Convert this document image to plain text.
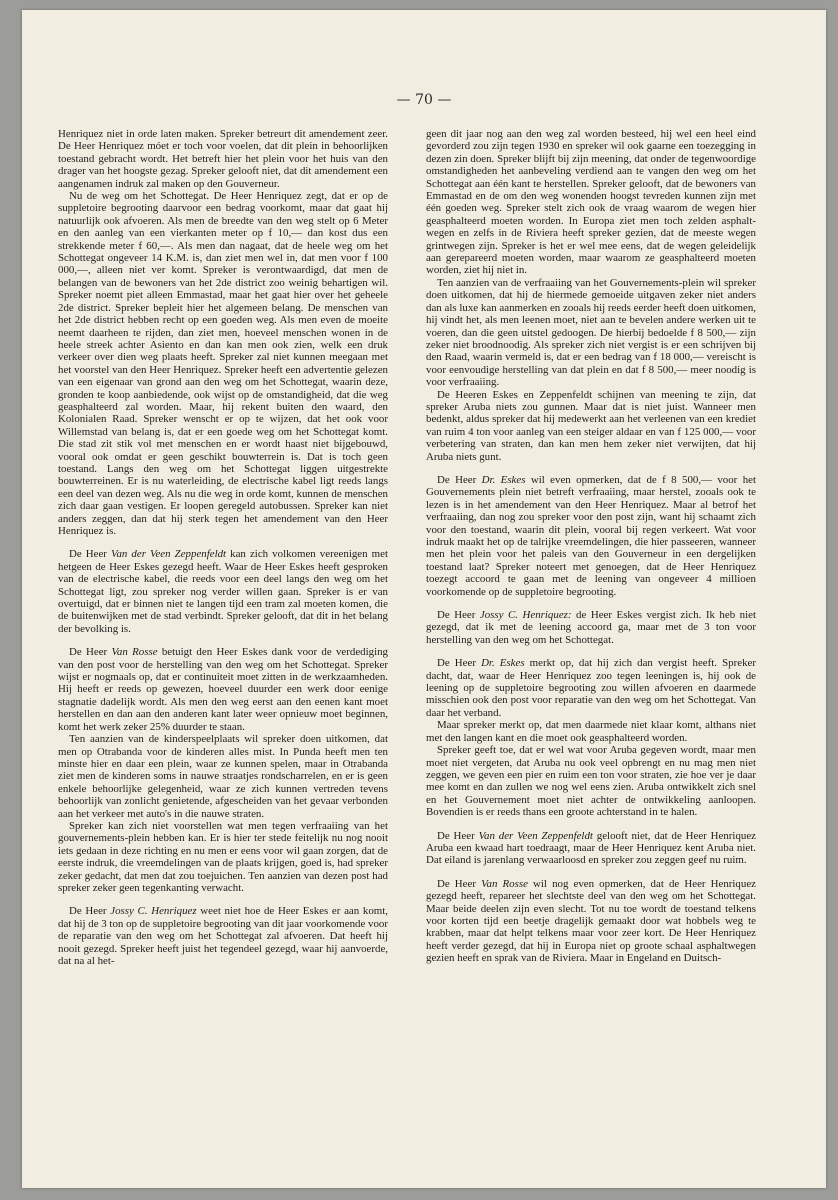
— 70 —

Henriquez niet in orde laten maken. Spreker betreurt dit amendement zeer. De Heer Henriquez móet er toch voor voelen, dat dit plein in behoorlijken toestand gebracht wordt. Het betreft hier het plein voor het huis van den drager van het hoogste gezag. Spreker gelooft niet, dat dit amendement een aangenamen indruk zal maken op den Gouverneur.

Nu de weg om het Schottegat. De Heer Henriquez zegt, dat er op de suppletoire begrooting daarvoor een bedrag voorkomt, maar dat gaat hij natuurlijk ook afvoeren. Als men de breedte van den weg stelt op 6 Meter en den aanleg van een vierkanten meter op f 10,— dan kost dus een strekkende meter f 60,—. Als men dan nagaat, dat de heele weg om het Schottegat ongeveer 14 K.M. is, dan ziet men wel in, dat men voor f 100 000,—, alleen niet ver komt. Spreker is verontwaardigd, dat men de belangen van de bewoners van het 2de district zoo weinig behartigen wil. Spreker noemt piet alleen Emmastad, maar het gaat hier over het geheele 2de district. Spreker bepleit hier het algemeen belang. De menschen van het 2de district hebben recht op een goeden weg. Als men even de moeite neemt daarheen te rijden, dan ziet men, hoeveel menschen wonen in de heele streek achter Asiento en dan kan men ook zien, welk een druk verkeer over dien weg plaats heeft. Spreker zal niet kunnen meegaan met het voorstel van den Heer Henriquez. Spreker heeft een advertentie gelezen van een eigenaar van grond aan den weg om het Schottegat, waarin deze, gronden te koop aanbiedende, ook wijst op de omstandigheid, dat die weg geasphalteerd zal worden. Maar, hij rekent buiten den waard, den Kolonialen Raad. Spreker wenscht er op te wijzen, dat het ook voor Willemstad van belang is, dat er een goede weg om het Schottegat komt. Die stad zit stik vol met menschen en er wordt haast niet bijgebouwd, vooral ook omdat er geen geschikt bouwterrein is. Dat is toch geen toestand. Langs den weg om het Schottegat liggen uitgestrekte bouwterreinen. Er is nu waterleiding, de electrische kabel ligt reeds langs een deel van dezen weg. Als nu die weg in orde komt, kunnen de menschen zich daar gaan vestigen. Er loopen geregeld autobussen. Spreker kan niet anders zeggen, dan dat hij sterk tegen het amendement van den Heer Henriquez is.

De Heer Van der Veen Zeppenfeldt kan zich volkomen vereenigen met hetgeen de Heer Eskes gezegd heeft. Waar de Heer Eskes heeft gesproken van de electrische kabel, die reeds voor een deel langs den weg om het Schottegat ligt, zou spreker nog verder willen gaan. Spreker is er van overtuigd, dat er binnen niet te langen tijd een tram zal moeten komen, die de buitenwijken met de stad verbindt. Spreker gelooft, dat dit in het belang der bevolking is.

De Heer Van Rosse betuigt den Heer Eskes dank voor de verdediging van den post voor de herstelling van den weg om het Schottegat. Spreker wijst er nogmaals op, dat er continuiteit moet zitten in de werkzaamheden. Hij heeft er reeds op gewezen, hoeveel duurder een werk door eenige stagnatie dadelijk wordt. Als men den weg eerst aan den eenen kant moet herstellen en dan aan den anderen kant later weer opnieuw moet beginnen, komt het werk zeker 25% duurder te staan.

Ten aanzien van de kinderspeelplaats wil spreker doen uitkomen, dat men op Otrabanda voor de kinderen alles mist. In Punda heeft men ten minste hier en daar een plein, waar ze kunnen spelen, maar in Otrabanda ziet men de kinderen soms in nauwe straatjes rondscharrelen, en er is geen enkele behoorlijke gelegenheid, waar ze zich kunnen vertreden tevens behoorlijk van zonlicht genietende, afgescheiden van het gevaar verbonden aan het verkeer met auto's in die nauwe straten.

Spreker kan zich niet voorstellen wat men tegen verfraaiing van het gouvernements-plein hebben kan. Er is hier ter stede feitelijk nu nog nooit iets gedaan in deze richting en nu men er eens voor wil gaan zorgen, dat de eerste indruk, die vreemdelingen van de plaats krijgen, goed is, had spreker zeker gedacht, dat men dat zou toejuichen. Ten aanzien van dezen post had spreker zeker geen tegenkanting verwacht.

De Heer Jossy C. Henriquez weet niet hoe de Heer Eskes er aan komt, dat hij de 3 ton op de suppletoire begrooting van dit jaar voorkomende voor de reparatie van den weg om het Schottegat zal afvoeren. Dat heeft hij nooit gezegd. Spreker heeft juist het tegendeel gezegd, waar hij aanvoerde, dat na al het-

geen dit jaar nog aan den weg zal worden besteed, hij wel een heel eind gevorderd zou zijn tegen 1930 en spreker wil ook gaarne een toezegging in dezen zin doen. Spreker blijft bij zijn meening, dat onder de tegenwoordige omstandigheden het aanbeveling verdiend aan te vangen den weg om het Schottegat aan één kant te herstellen. Spreker gelooft, dat de bewoners van Emmastad en de om den weg wonenden hoogst tevreden kunnen zijn met één goeden weg. Spreker stelt zich ook de vraag waarom de wegen hier geasphalteerd moeten worden. In Europa ziet men toch zelden asphalt-wegen en zelfs in de Riviera heeft spreker gezien, dat de meeste wegen grintwegen zijn. Spreker is het er wel mee eens, dat de wegen geleidelijk aan gerepareerd moeten worden, maar waarom ze geasphalteerd moeten worden, ziet hij niet in.

Ten aanzien van de verfraaiing van het Gouvernements-plein wil spreker doen uitkomen, dat hij de hiermede gemoeide uitgaven zeker niet anders dan als luxe kan aanmerken en zooals hij reeds eerder heeft doen uitkomen, hij vindt het, als men leenen moet, niet aan te bevelen andere werken uit te voeren, dan die geen uitstel gedoogen. De hierbij bedoelde f 8 500,— zijn zeker niet broodnoodig. Als spreker zich niet vergist is er een schrijven bij den Raad, waarin vermeld is, dat er een bedrag van f 18 000,— vereischt is voor eenvoudige herstelling van dat plein en dat f 8 500,— meer noodig is voor verfraaiing.

De Heeren Eskes en Zeppenfeldt schijnen van meening te zijn, dat spreker Aruba niets zou gunnen. Maar dat is niet juist. Wanneer men bedenkt, aldus spreker dat hij medewerkt aan het verleenen van een krediet van ruim 4 ton voor aanleg van een steiger aldaar en van f 125 000,— voor verbetering van straten, dan kan men hem zeker niet verwijten, dat hij Aruba niets gunt.

De Heer Dr. Eskes wil even opmerken, dat de f 8 500,— voor het Gouvernements plein niet betreft verfraaiing, maar herstel, zooals ook te lezen is in het amendement van den Heer Henriquez. Maar al betrof het verfraaiing, dan nog zou spreker voor den post zijn, want hij schaamt zich voor den toestand, waarin dit plein, vooral bij regen verkeert. Wat voor indruk maakt het op de talrijke vreemdelingen, die hier passeeren, wanneer men het plein voor het paleis van den Gouverneur in een dergelijken toestand laat? Spreker noteert met genoegen, dat de Heer Henriquez toezegt accoord te gaan met de leening van ongeveer 4 millioen voorkomende op de suppletoire begrooting.

De Heer Jossy C. Henriquez: de Heer Eskes vergist zich. Ik heb niet gezegd, dat ik met de leening accoord ga, maar met de 3 ton voor herstelling van den weg om het Schottegat.

De Heer Dr. Eskes merkt op, dat hij zich dan vergist heeft. Spreker dacht, dat, waar de Heer Henriquez zoo tegen leeningen is, hij ook de leening op de suppletoire begrooting zou willen afvoeren en daarmede misschien ook den post voor reparatie van den weg om het Schottegat. Van daar het verband.

Maar spreker merkt op, dat men daarmede niet klaar komt, althans niet met den langen kant en die moet ook geasphalteerd worden.

Spreker geeft toe, dat er wel wat voor Aruba gegeven wordt, maar men moet niet vergeten, dat Aruba nu ook veel opbrengt en nu mag men niet zeggen, we geven een pier en ruim een ton voor straten, zie hoe ver je daar mee komt en dan zullen we nog wel eens zien. Aruba ontwikkelt zich snel en het Gouvernement moet niet achter de ontwikkeling aanloopen. Bovendien is er reeds thans een groote achterstand in te halen.

De Heer Van der Veen Zeppenfeldt gelooft niet, dat de Heer Henriquez Aruba een kwaad hart toedraagt, maar de Heer Henriquez kent Aruba niet. Dat eiland is jarenlang verwaarloosd en spreker zou zeggen geef nu ruim.

De Heer Van Rosse wil nog even opmerken, dat de Heer Henriquez gezegd heeft, repareer het slechtste deel van den weg om het Schottegat. Maar beide deelen zijn even slecht. Tot nu toe wordt de toestand telkens voor korten tijd een beetje dragelijk gemaakt door wat hobbels weg te krabben, maar dat helpt telkens maar voor zeer kort. De Heer Henriquez heeft verder gezegd, dat hij in Europa niet op groote schaal asphaltwegen gezien heeft en sprak van de Riviera. Maar in Engeland en Duitsch-
